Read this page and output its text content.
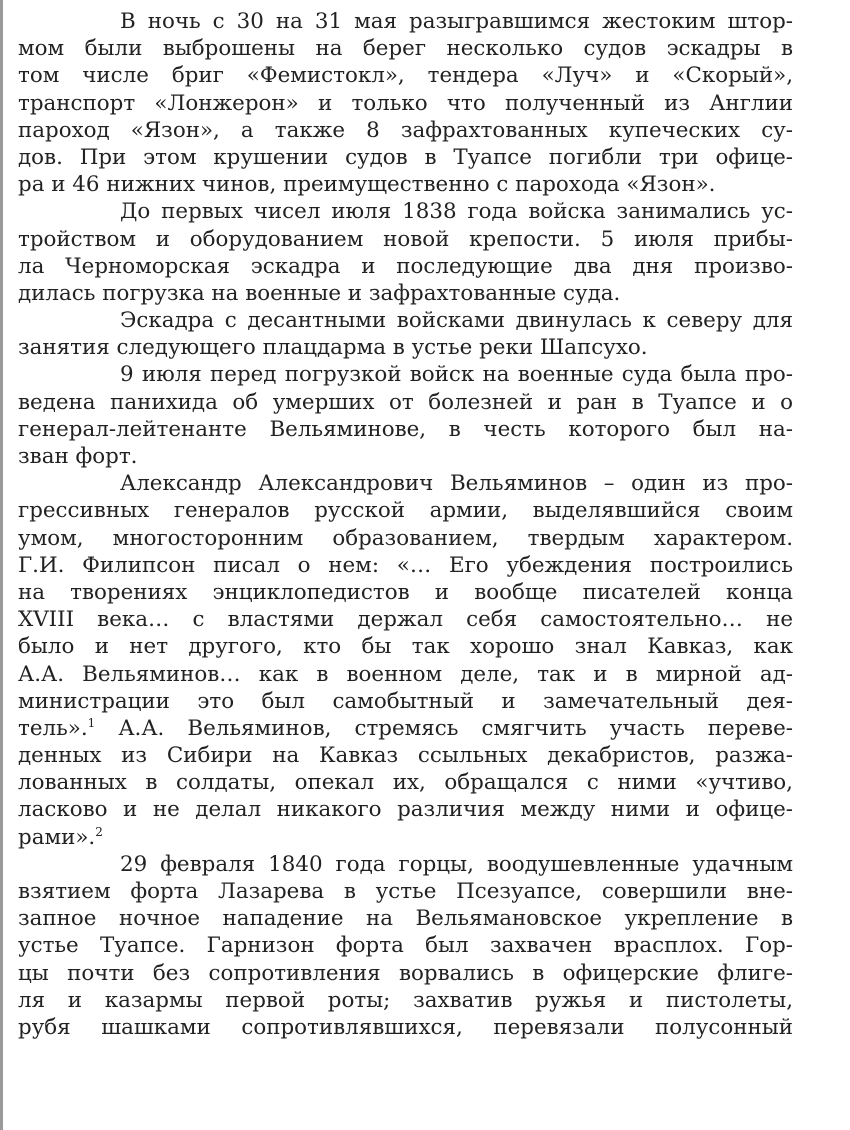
В ночь с 30 на 31 мая разыгравшимся жестоким штор-
мом были выброшены на берег несколько судов эскадры в
том числе бриг «Фемистокл», тендера «Луч» и «Скорый»,
транспорт «Лонжерон» и только что полученный из Англии
пароход «Язон», а также 8 зафрахтованных купеческих су-
дов. При этом крушении судов в Туапсе погибли три офице-
ра и 46 нижних чинов, преимущественно с парохода «Язон».
До первых чисел июля 1838 года войска занимались ус-
тройством и оборудованием новой крепости. 5 июля прибы-
ла Черноморская эскадра и последующие два дня произво-
дилась погрузка на военные и зафрахтованные суда.
Эскадра с десантными войсками двинулась к северу для
занятия следующего плацдарма в устье реки Шапсухо.
9 июля перед погрузкой войск на военные суда была про-
ведена панихида об умерших от болезней и ран в Туапсе и о
генерал-лейтенанте Вельяминове, в честь которого был на-
зван форт.
Александр Александрович Вельяминов – один из про-
грессивных генералов русской армии, выделявшийся своим
умом, многосторонним образованием, твердым характером.
Г.И. Филипсон писал о нем: «… Его убеждения построились
на творениях энциклопедистов и вообще писателей конца
XVIII века… с властями держал себя самостоятельно… не
было и нет другого, кто бы так хорошо знал Кавказ, как
А.А. Вельяминов… как в военном деле, так и в мирной ад-
министрации это был самобытный и замечательный дея-
тель».$^1$ А.А. Вельяминов, стремясь смягчить участь переве-
денных из Сибири на Кавказ ссыльных декабристов, разжа-
лованных в солдаты, опекал их, обращался с ними «учтиво,
ласково и не делал никакого различия между ними и офице-
рами».$^2$
29 февраля 1840 года горцы, воодушевленные удачным
взятием форта Лазарева в устье Псезуапсе, совершили вне-
запное ночное нападение на Вельямановское укрепление в
устье Туапсе. Гарнизон форта был захвачен врасплох. Гор-
цы почти без сопротивления ворвались в офицерские флиге-
ля и казармы первой роты; захватив ружья и пистолеты,
рубя шашками сопротивлявшихся, перевязали полусонный
